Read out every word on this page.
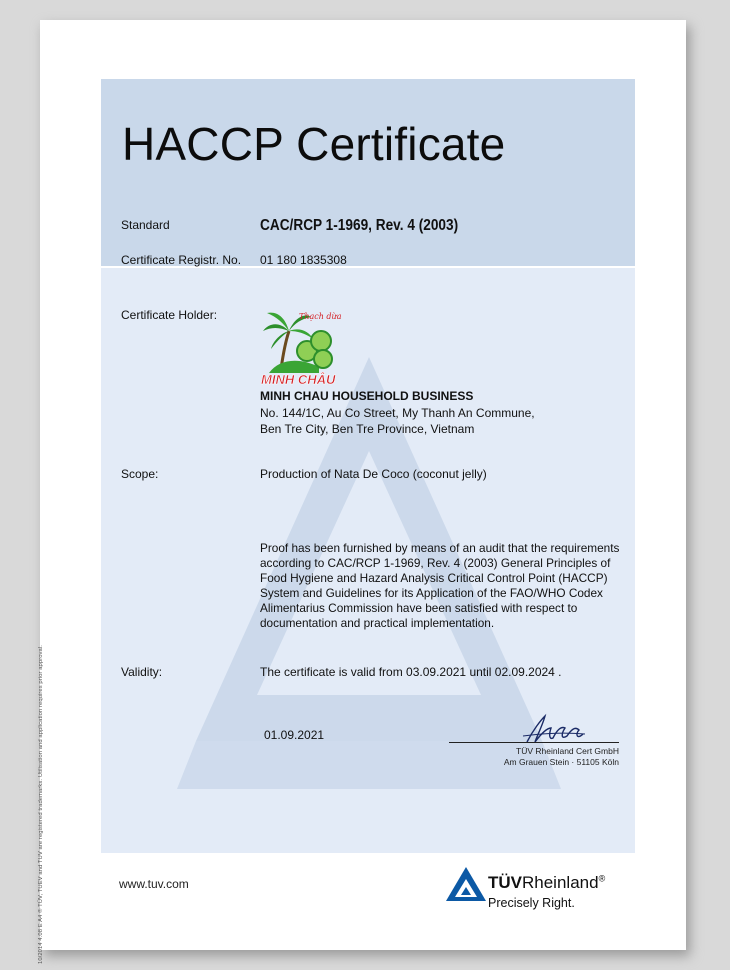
10/2014 4.08 E A4 ® TÜV, TUEV and TUV are registered trademarks. Utilisation and application requires prior approval.
HACCP Certificate
Standard	CAC/RCP 1-1969, Rev. 4 (2003)
Certificate Registr. No. 01 180 1835308
Certificate Holder:	Thạch dừa
MINH CHÂU
MINH CHAU HOUSEHOLD BUSINESS
No. 144/1C, Au Co Street, My Thanh An Commune,
Ben Tre City, Ben Tre Province, Vietnam
Scope:	Production of Nata De Coco (coconut jelly)
Proof has been furnished by means of an audit that the requirements according to CAC/RCP 1-1969, Rev. 4 (2003) General Principles of Food Hygiene and Hazard Analysis Critical Control Point (HACCP) System and Guidelines for its Application of the FAO/WHO Codex Alimentarius Commission have been satisfied with respect to documentation and practical implementation.
Validity:	The certificate is valid from 03.09.2021 until 02.09.2024 .
01.09.2021
TÜV Rheinland Cert GmbH
Am Grauen Stein · 51105 Köln
www.tuv.com	TÜVRheinland®
Precisely Right.
